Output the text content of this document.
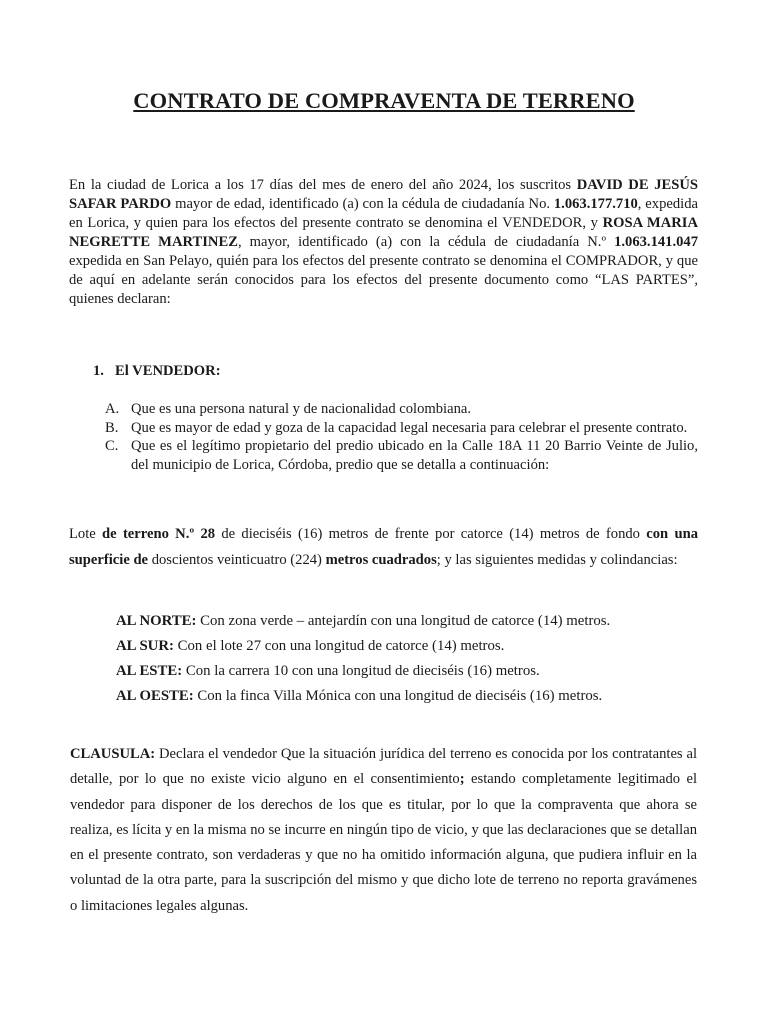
CONTRATO DE COMPRAVENTA DE TERRENO

En la ciudad de Lorica a los 17 días del mes de enero del año 2024, los suscritos DAVID DE JESÚS SAFAR PARDO mayor de edad, identificado (a) con la cédula de ciudadanía No. 1.063.177.710, expedida en Lorica, y quien para los efectos del presente contrato se denomina el VENDEDOR, y ROSA MARIA NEGRETTE MARTINEZ, mayor, identificado (a) con la cédula de ciudadanía N.º 1.063.141.047 expedida en San Pelayo, quién para los efectos del presente contrato se denomina el COMPRADOR, y que de aquí en adelante serán conocidos para los efectos del presente documento como “LAS PARTES”, quienes declaran:

1. El VENDEDOR:

A. Que es una persona natural y de nacionalidad colombiana.
B. Que es mayor de edad y goza de la capacidad legal necesaria para celebrar el presente contrato.
C. Que es el legítimo propietario del predio ubicado en la Calle 18A 11 20 Barrio Veinte de Julio, del municipio de Lorica, Córdoba, predio que se detalla a continuación:

Lote de terreno N.º 28 de dieciséis (16) metros de frente por catorce (14) metros de fondo con una superficie de doscientos veinticuatro (224) metros cuadrados; y las siguientes medidas y colindancias:

AL NORTE: Con zona verde – antejardín con una longitud de catorce (14) metros.
AL SUR: Con el lote 27 con una longitud de catorce (14) metros.
AL ESTE: Con la carrera 10 con una longitud de dieciséis (16) metros.
AL OESTE: Con la finca Villa Mónica con una longitud de dieciséis (16) metros.

CLAUSULA: Declara el vendedor Que la situación jurídica del terreno es conocida por los contratantes al detalle, por lo que no existe vicio alguno en el consentimiento; estando completamente legitimado el vendedor para disponer de los derechos de los que es titular, por lo que la compraventa que ahora se realiza, es lícita y en la misma no se incurre en ningún tipo de vicio, y que las declaraciones que se detallan en el presente contrato, son verdaderas y que no ha omitido información alguna, que pudiera influir en la voluntad de la otra parte, para la suscripción del mismo y que dicho lote de terreno no reporta gravámenes o limitaciones legales algunas.
